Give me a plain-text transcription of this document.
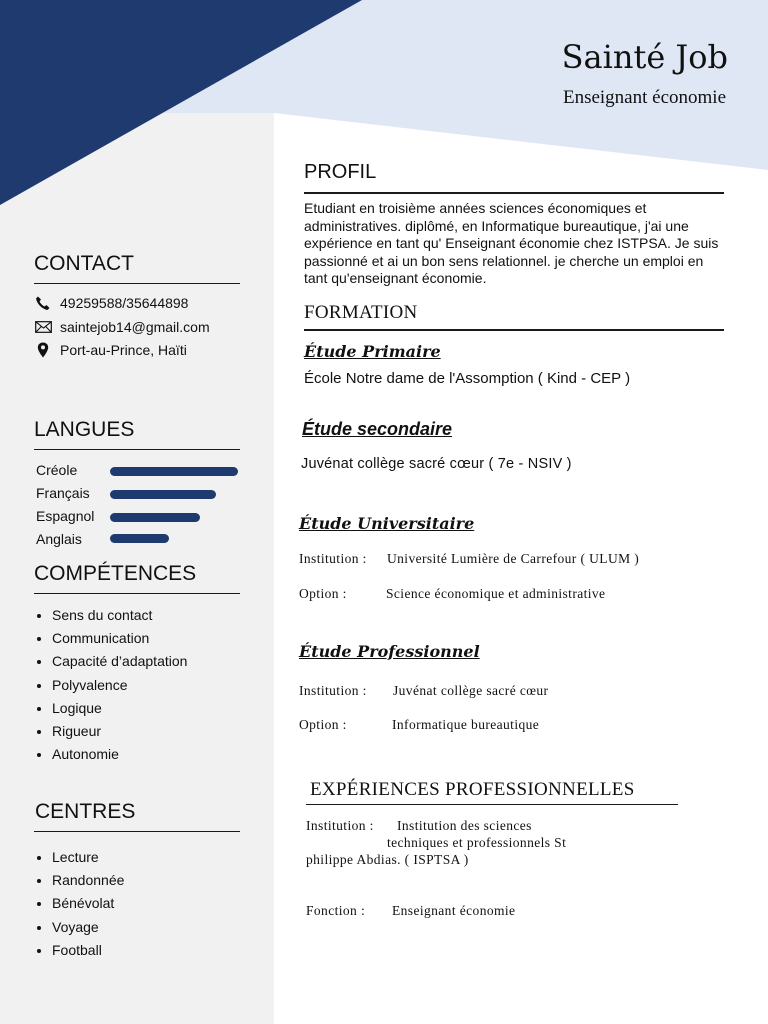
Sainté Job
Enseignant économie
CONTACT
49259588/35644898
saintejob14@gmail.com
Port-au-Prince, Haïti
LANGUES
Créole
Français
Espagnol
Anglais
COMPÉTENCES
• Sens du contact
• Communication
• Capacité d’adaptation
• Polyvalence
• Logique
• Rigueur
• Autonomie
CENTRES
• Lecture
• Randonnée
• Bénévolat
• Voyage
• Football
PROFIL
Etudiant en troisième années sciences économiques et administratives. diplômé, en Informatique bureautique, j'ai une expérience en tant qu' Enseignant économie chez ISTPSA. Je suis passionné et ai un bon sens relationnel. je cherche un emploi en tant qu'enseignant économie.
FORMATION
Étude Primaire
École Notre dame de l'Assomption ( Kind - CEP )
Étude secondaire
Juvénat collège sacré cœur ( 7e - NSIV )
Étude Universitaire
Institution : Université Lumière de Carrefour ( ULUM )
Option :	Science économique et administrative
Étude Professionnel
Institution : Juvénat collège sacré cœur
Option :	Informatique bureautique
EXPÉRIENCES PROFESSIONNELLES
Institution : Institution des sciences
techniques et professionnels St
philippe Abdias. ( ISPTSA )
Fonction : Enseignant économie
